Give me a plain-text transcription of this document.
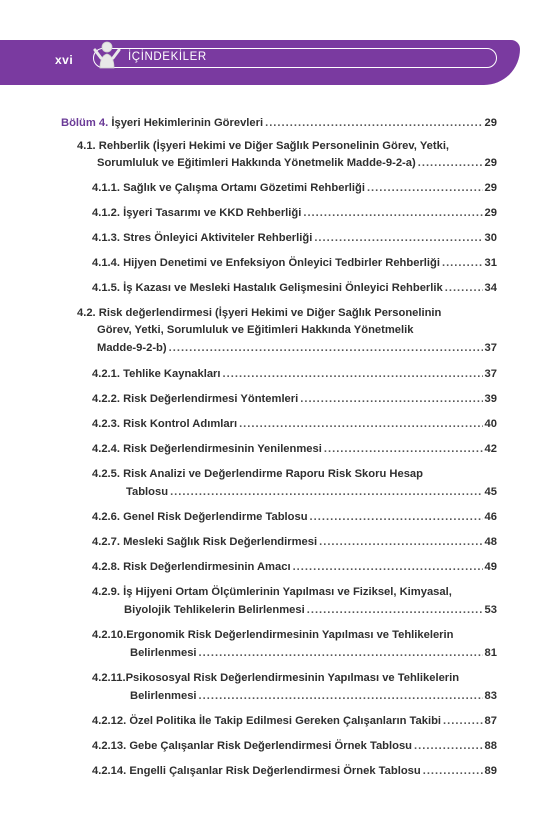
xvi	İÇİNDEKİLER
Bölüm 4. İşyeri Hekimlerinin Görevleri .....	29
4.1. Rehberlik (İşyeri Hekimi ve Diğer Sağlık Personelinin Görev, Yetki,
Sorumluluk ve Eğitimleri Hakkında Yönetmelik Madde-9-2-a) .....	29
4.1.1. Sağlık ve Çalışma Ortamı Gözetimi Rehberliği .....	29
4.1.2. İşyeri Tasarımı ve KKD Rehberliği .....	29
4.1.3. Stres Önleyici Aktiviteler Rehberliği .....	30
4.1.4. Hijyen Denetimi ve Enfeksiyon Önleyici Tedbirler Rehberliği .....	31
4.1.5. İş Kazası ve Mesleki Hastalık Gelişmesini Önleyici Rehberlik .....	34
4.2. Risk değerlendirmesi (İşyeri Hekimi ve Diğer Sağlık Personelinin
Görev, Yetki, Sorumluluk ve Eğitimleri Hakkında Yönetmelik
Madde-9-2-b) .....	37
4.2.1. Tehlike Kaynakları .....	37
4.2.2. Risk Değerlendirmesi Yöntemleri .....	39
4.2.3. Risk Kontrol Adımları .....	40
4.2.4. Risk Değerlendirmesinin Yenilenmesi .....	42
4.2.5. Risk Analizi ve Değerlendirme Raporu Risk Skoru Hesap
Tablosu .....	45
4.2.6. Genel Risk Değerlendirme Tablosu .....	46
4.2.7. Mesleki Sağlık Risk Değerlendirmesi .....	48
4.2.8. Risk Değerlendirmesinin Amacı .....	49
4.2.9. İş Hijyeni Ortam Ölçümlerinin Yapılması ve Fiziksel, Kimyasal,
Biyolojik Tehlikelerin Belirlenmesi .....	53
4.2.10.Ergonomik Risk Değerlendirmesinin Yapılması ve Tehlikelerin
Belirlenmesi .....	81
4.2.11.Psikososyal Risk Değerlendirmesinin Yapılması ve Tehlikelerin
Belirlenmesi .....	83
4.2.12. Özel Politika İle Takip Edilmesi Gereken Çalışanların Takibi .....	87
4.2.13. Gebe Çalışanlar Risk Değerlendirmesi Örnek Tablosu .....	88
4.2.14. Engelli Çalışanlar Risk Değerlendirmesi Örnek Tablosu .....	89
